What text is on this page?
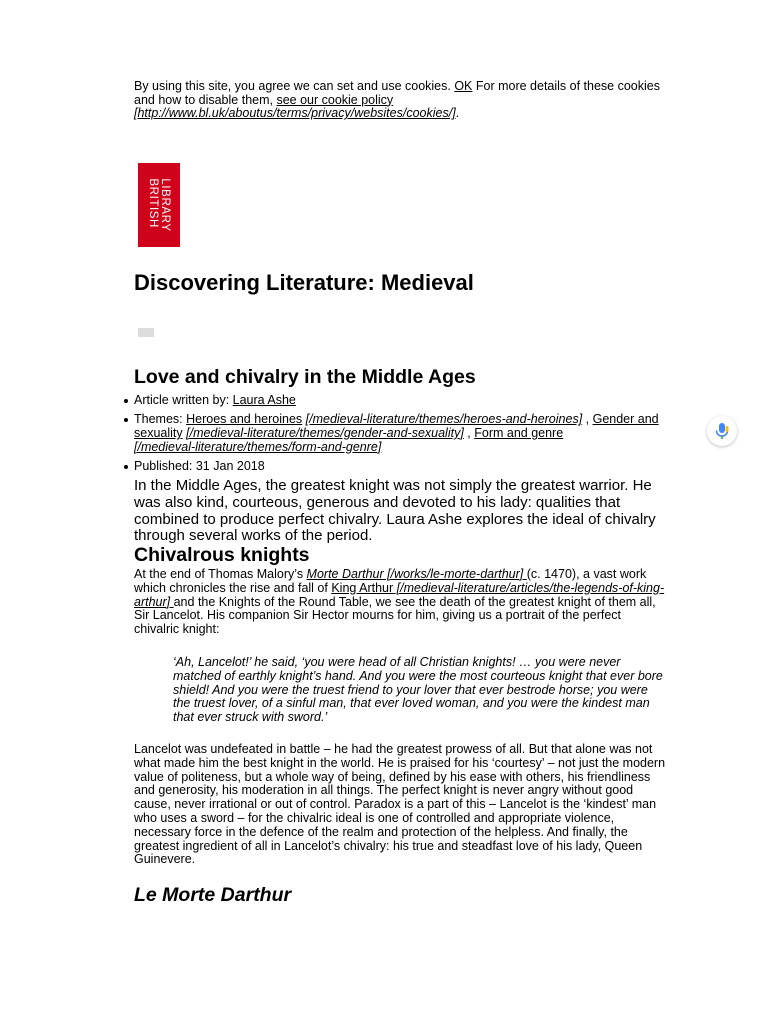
By using this site, you agree we can set and use cookies. OK For more details of these cookies and how to disable them, see our cookie policy
[http://www.bl.uk/aboutus/terms/privacy/websites/cookies/].

LIBRARY
BRITISH
Discovering Literature: Medieval
Love and chivalry in the Middle Ages
Article written by: Laura Ashe
Themes: Heroes and heroines [/medieval-literature/themes/heroes-and-heroines] , Gender and sexuality [/medieval-literature/themes/gender-and-sexuality] , Form and genre
[/medieval-literature/themes/form-and-genre]
Published: 31 Jan 2018

In the Middle Ages, the greatest knight was not simply the greatest warrior. He was also kind, courteous, generous and devoted to his lady: qualities that combined to produce perfect chivalry. Laura Ashe explores the ideal of chivalry through several works of the period.

Chivalrous knights

At the end of Thomas Malory’s Morte Darthur [/works/le-morte-darthur] (c. 1470), a vast work which chronicles the rise and fall of King Arthur [/medieval-literature/articles/the-legends-of-king-arthur] and the Knights of the Round Table, we see the death of the greatest knight of them all, Sir Lancelot. His companion Sir Hector mourns for him, giving us a portrait of the perfect chivalric knight:

‘Ah, Lancelot!’ he said, ‘you were head of all Christian knights! … you were never matched of earthly knight’s hand. And you were the most courteous knight that ever bore shield! And you were the truest friend to your lover that ever bestrode horse; you were the truest lover, of a sinful man, that ever loved woman, and you were the kindest man that ever struck with sword.’

Lancelot was undefeated in battle – he had the greatest prowess of all. But that alone was not what made him the best knight in the world. He is praised for his ‘courtesy’ – not just the modern value of politeness, but a whole way of being, defined by his ease with others, his friendliness and generosity, his moderation in all things. The perfect knight is never angry without good cause, never irrational or out of control. Paradox is a part of this – Lancelot is the ‘kindest’ man who uses a sword – for the chivalric ideal is one of controlled and appropriate violence, necessary force in the defence of the realm and protection of the helpless. And finally, the greatest ingredient of all in Lancelot’s chivalry: his true and steadfast love of his lady, Queen Guinevere.

Le Morte Darthur
